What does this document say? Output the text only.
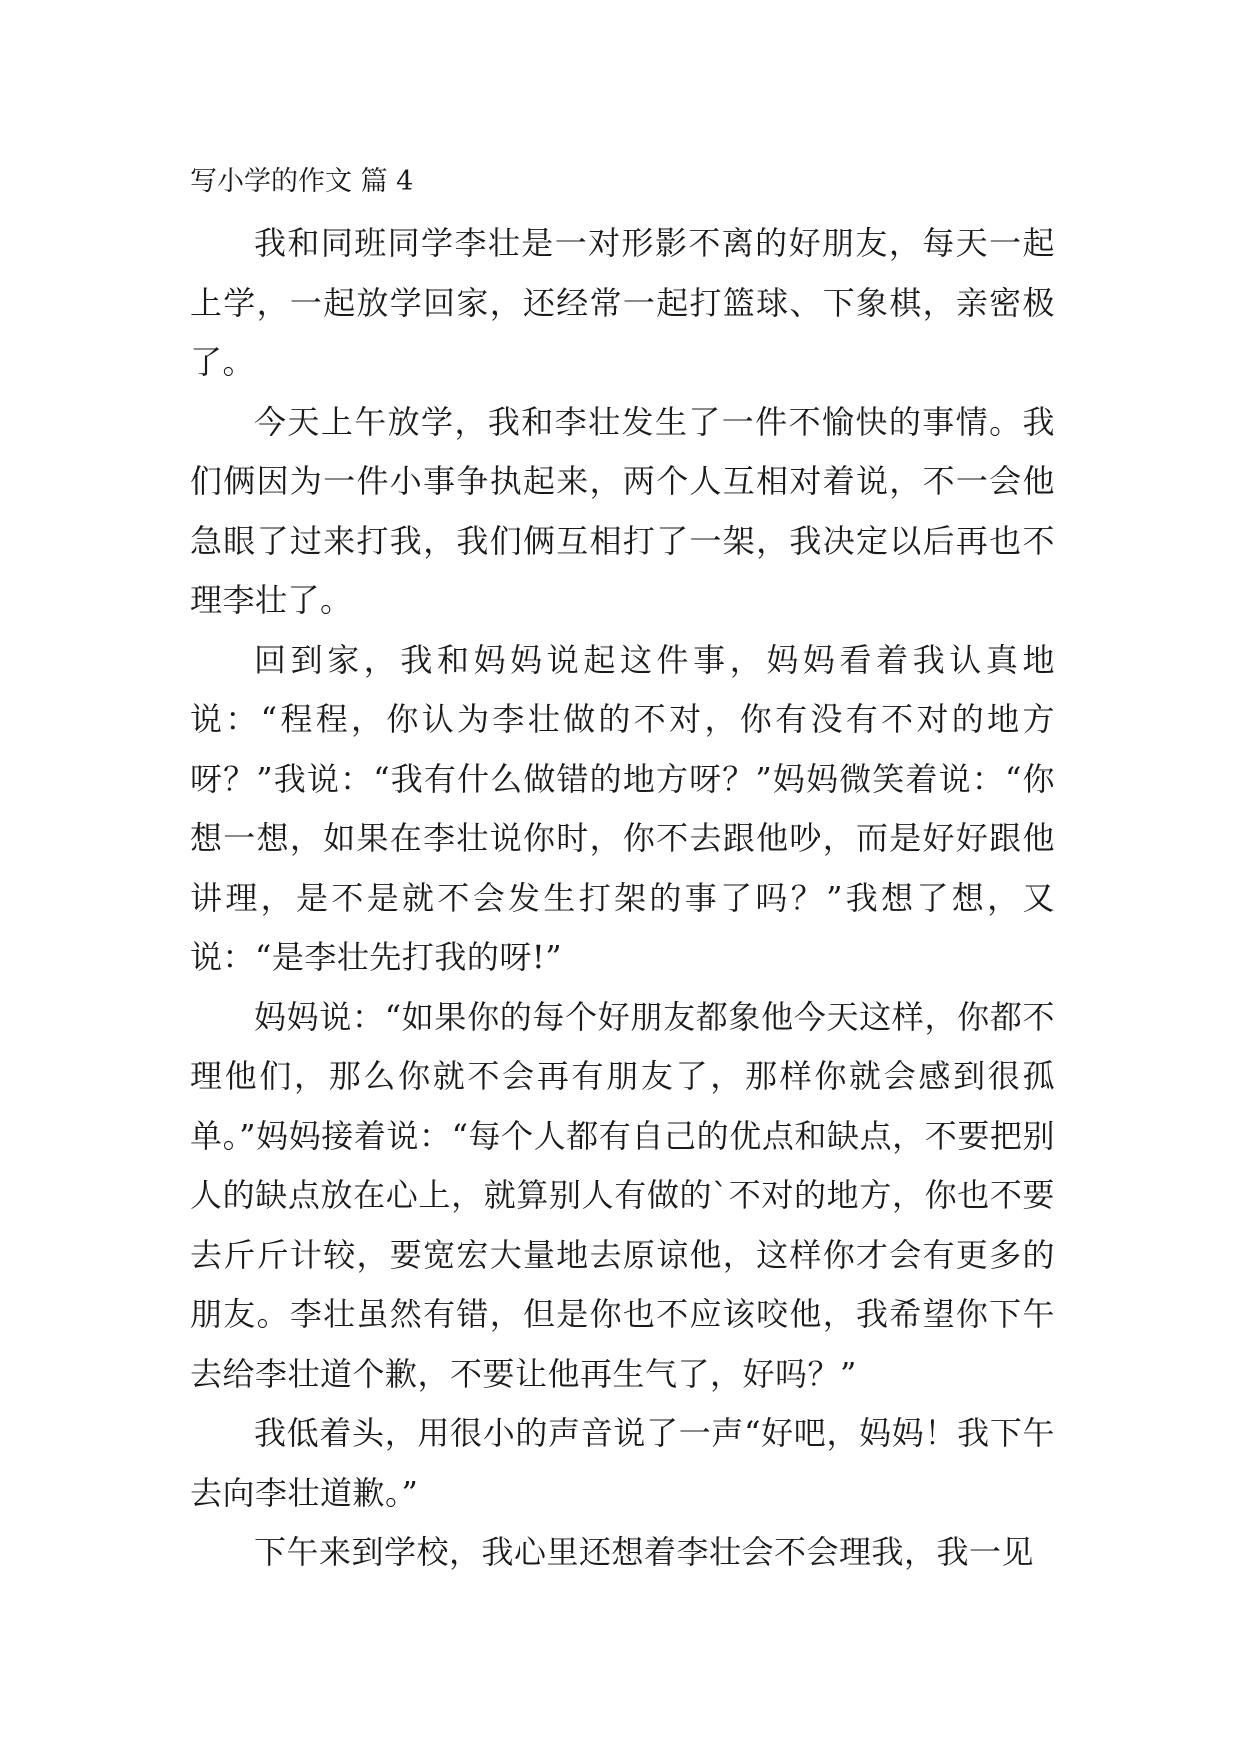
写小学的作文 篇 4

我和同班同学李壮是一对形影不离的好朋友，每天一起上学，一起放学回家，还经常一起打篮球、下象棋，亲密极了。

今天上午放学，我和李壮发生了一件不愉快的事情。我们俩因为一件小事争执起来，两个人互相对着说，不一会他急眼了过来打我，我们俩互相打了一架，我决定以后再也不理李壮了。

回到家，我和妈妈说起这件事，妈妈看着我认真地说：“程程，你认为李壮做的不对，你有没有不对的地方呀？”我说：“我有什么做错的地方呀？”妈妈微笑着说：“你想一想，如果在李壮说你时，你不去跟他吵，而是好好跟他讲理，是不是就不会发生打架的事了吗？”我想了想，又说：“是李壮先打我的呀!”

妈妈说：“如果你的每个好朋友都象他今天这样，你都不理他们，那么你就不会再有朋友了，那样你就会感到很孤单。”妈妈接着说：“每个人都有自己的优点和缺点，不要把别人的缺点放在心上，就算别人有做的`不对的地方，你也不要去斤斤计较，要宽宏大量地去原谅他，这样你才会有更多的朋友。李壮虽然有错，但是你也不应该咬他，我希望你下午去给李壮道个歉，不要让他再生气了，好吗？”

我低着头，用很小的声音说了一声“好吧，妈妈！我下午去向李壮道歉。”

下午来到学校，我心里还想着李壮会不会理我，我一见
